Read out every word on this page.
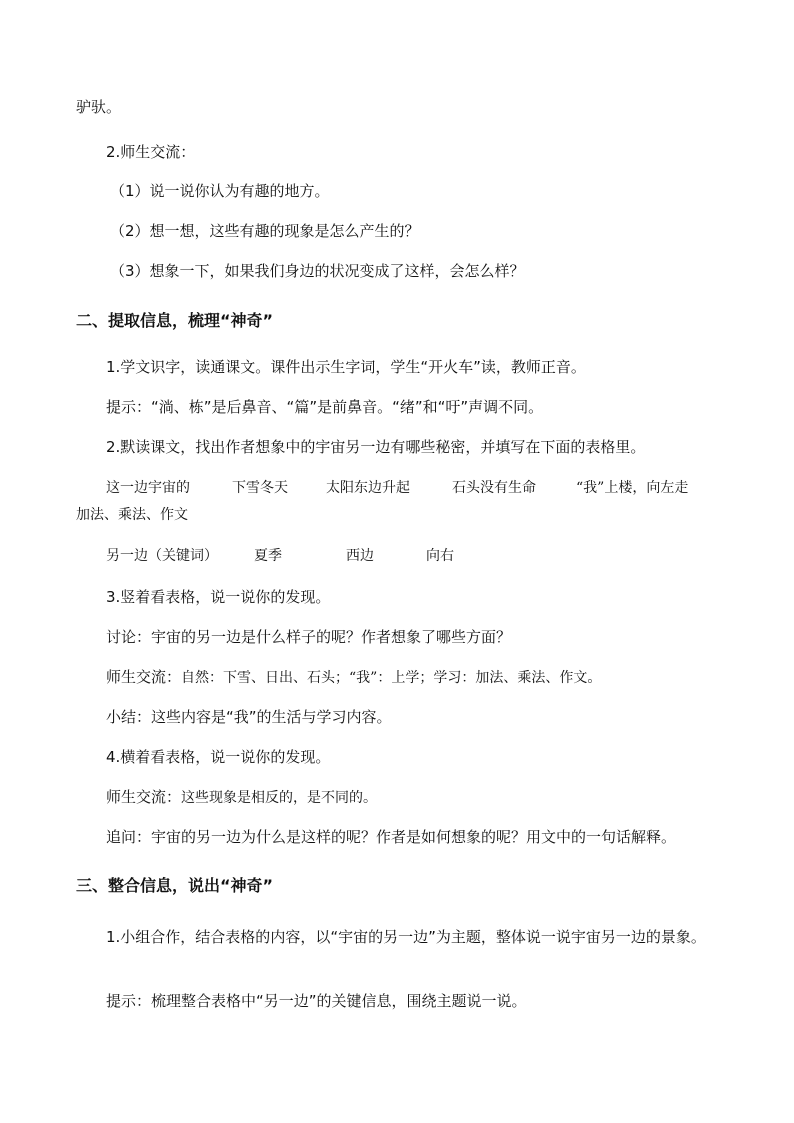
驴驮。
2.师生交流：
（1）说一说你认为有趣的地方。
（2）想一想，这些有趣的现象是怎么产生的？
（3）想象一下，如果我们身边的状况变成了这样，会怎么样？
二、提取信息，梳理“神奇”
1.学文识字，读通课文。课件出示生字词，学生“开火车”读，教师正音。
提示：“淌、栋”是后鼻音、“篇”是前鼻音。“绪”和“吁”声调不同。
2.默读课文，找出作者想象中的宇宙另一边有哪些秘密，并填写在下面的表格里。
这一边宇宙的	下雪冬天	太阳东边升起	石头没有生命	“我”上楼，向左走
加法、乘法、作文
另一边（关键词）	夏季	西边	向右
3.竖着看表格，说一说你的发现。
讨论：宇宙的另一边是什么样子的呢？作者想象了哪些方面？
师生交流：自然：下雪、日出、石头；“我”：上学；学习：加法、乘法、作文。
小结：这些内容是“我”的生活与学习内容。
4.横着看表格，说一说你的发现。
师生交流：这些现象是相反的，是不同的。
追问：宇宙的另一边为什么是这样的呢？作者是如何想象的呢？用文中的一句话解释。
三、整合信息，说出“神奇”
1.小组合作，结合表格的内容，以“宇宙的另一边”为主题，整体说一说宇宙另一边的景象。
提示：梳理整合表格中“另一边”的关键信息，围绕主题说一说。
